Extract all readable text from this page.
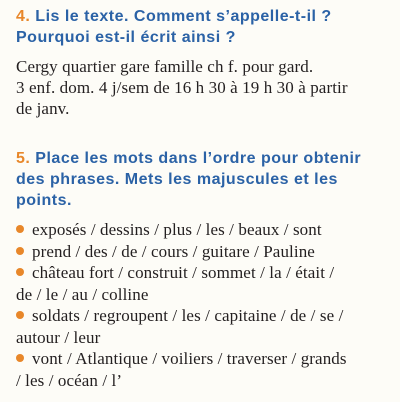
4. Lis le texte. Comment s’appelle-t-il ?
Pourquoi est-il écrit ainsi ?

Cergy quartier gare famille ch f. pour gard.
3 enf. dom. 4 j/sem de 16 h 30 à 19 h 30 à partir
de janv.

5. Place les mots dans l’ordre pour obtenir
des phrases. Mets les majuscules et les
points.

exposés / dessins / plus / les / beaux / sont
prend / des / de / cours / guitare / Pauline
château fort / construit / sommet / la / était /
de / le / au / colline
soldats / regroupent / les / capitaine / de / se /
autour / leur
vont / Atlantique / voiliers / traverser / grands
/ les / océan / l’
